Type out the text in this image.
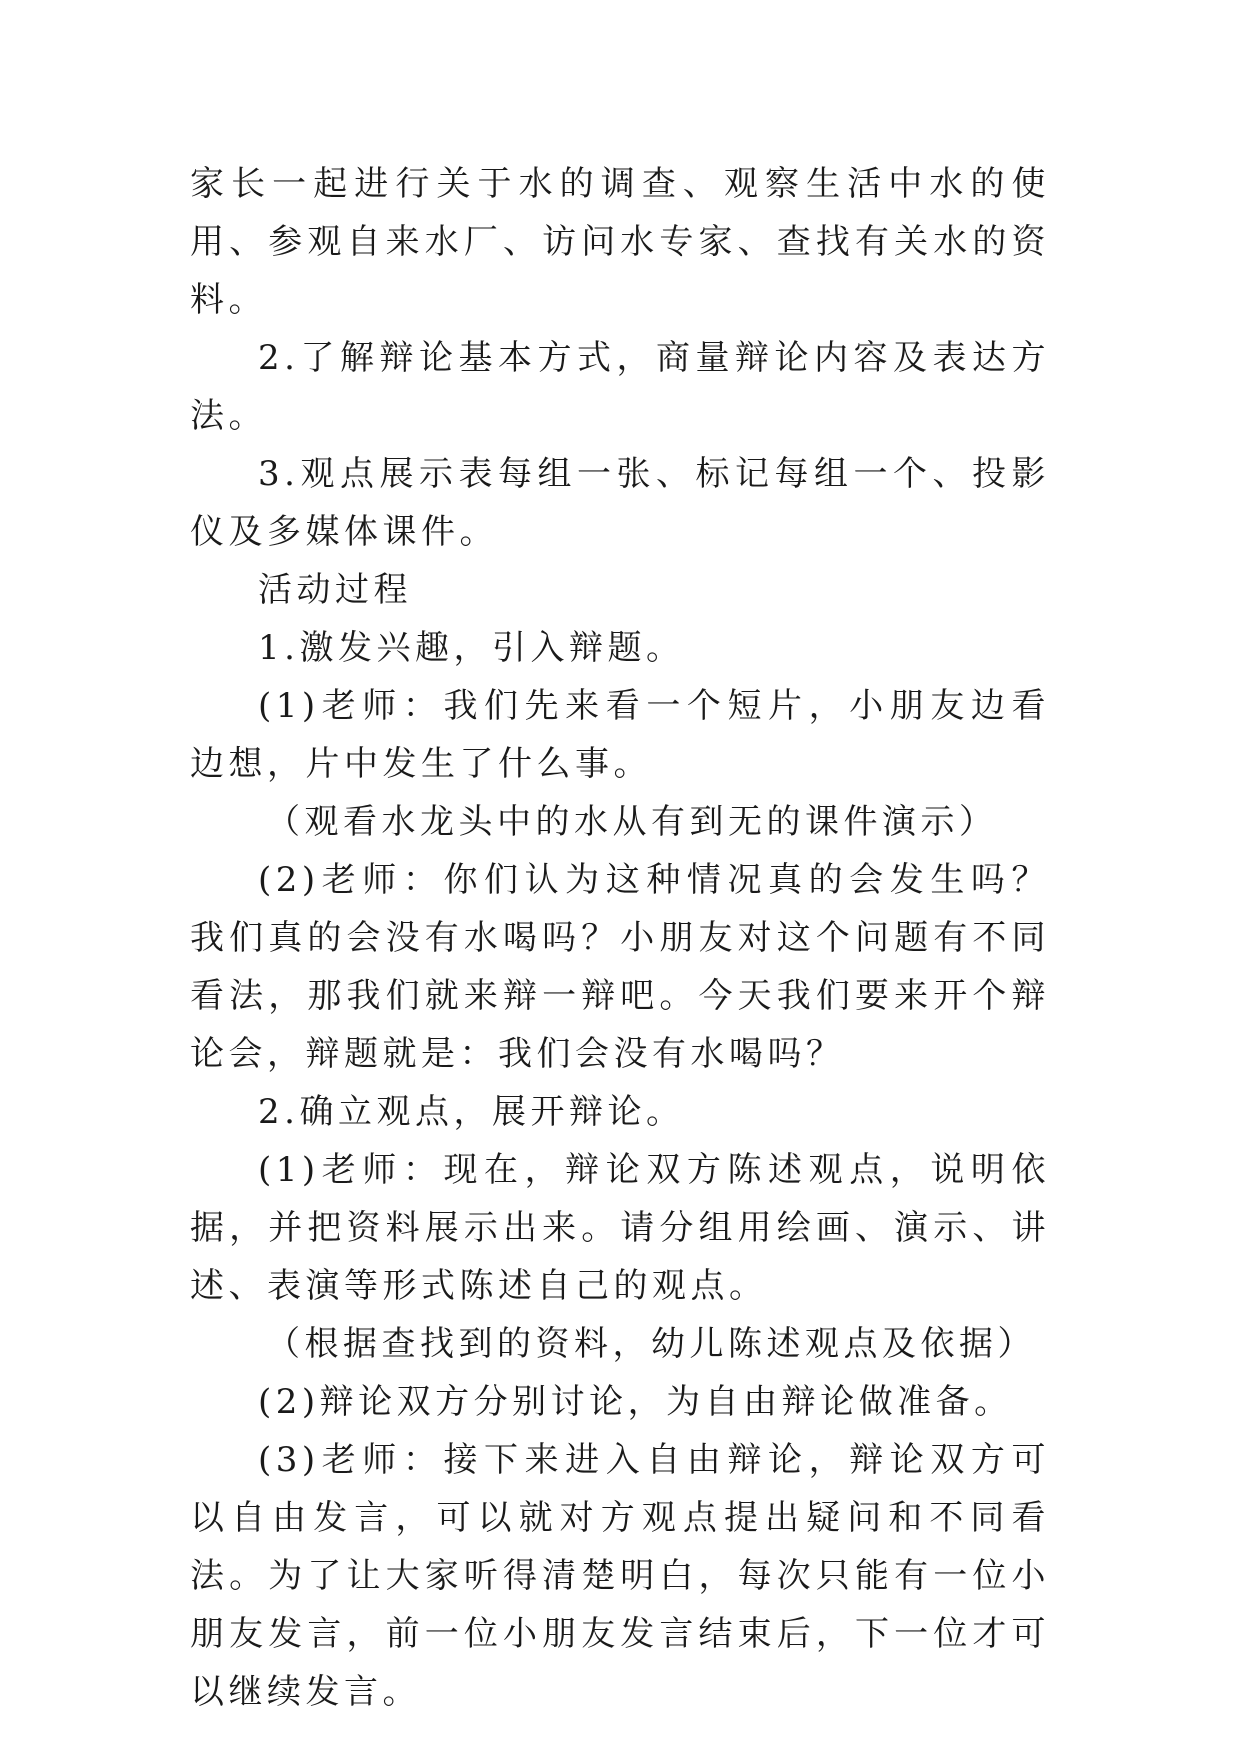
家长一起进行关于水的调查、观察生活中水的使用、参观自来水厂、访问水专家、查找有关水的资料。

2.了解辩论基本方式，商量辩论内容及表达方法。

3.观点展示表每组一张、标记每组一个、投影仪及多媒体课件。

活动过程

1.激发兴趣，引入辩题。

(1)老师：我们先来看一个短片，小朋友边看边想，片中发生了什么事。

（观看水龙头中的水从有到无的课件演示）

(2)老师：你们认为这种情况真的会发生吗？我们真的会没有水喝吗？小朋友对这个问题有不同看法，那我们就来辩一辩吧。今天我们要来开个辩论会，辩题就是：我们会没有水喝吗？

2.确立观点，展开辩论。

(1)老师：现在，辩论双方陈述观点，说明依据，并把资料展示出来。请分组用绘画、演示、讲述、表演等形式陈述自己的观点。

（根据查找到的资料，幼儿陈述观点及依据）

(2)辩论双方分别讨论，为自由辩论做准备。

(3)老师：接下来进入自由辩论，辩论双方可以自由发言，可以就对方观点提出疑问和不同看法。为了让大家听得清楚明白，每次只能有一位小朋友发言，前一位小朋友发言结束后，下一位才可以继续发言。
